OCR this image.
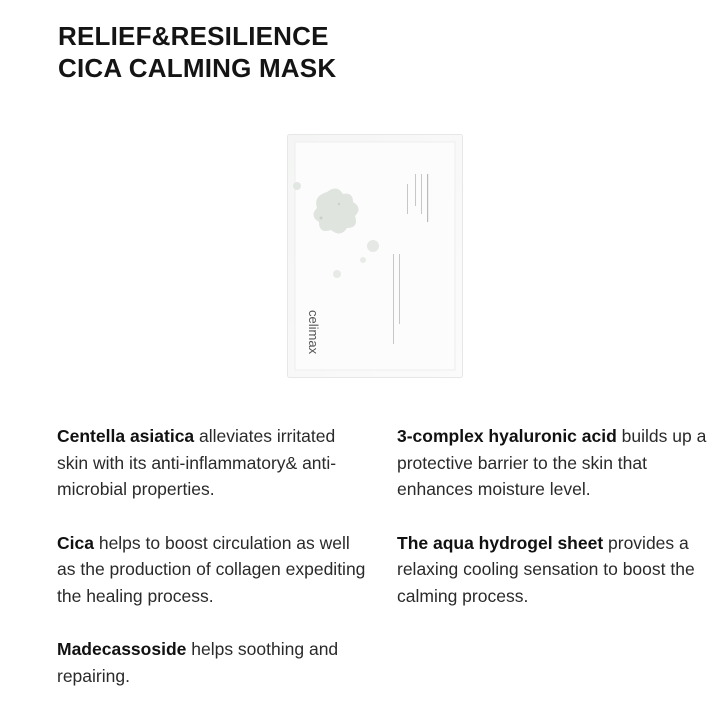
RELIEF&RESILIENCE
CICA CALMING MASK
celimax

Centella asiatica alleviates irritated skin with its anti-inflammatory& anti-microbial properties.

Cica helps to boost circulation as well as the production of collagen expediting the healing process.

Madecassoside helps soothing and repairing.

3-complex hyaluronic acid builds up a protective barrier to the skin that enhances moisture level.

The aqua hydrogel sheet provides a relaxing cooling sensation to boost the calming process.
